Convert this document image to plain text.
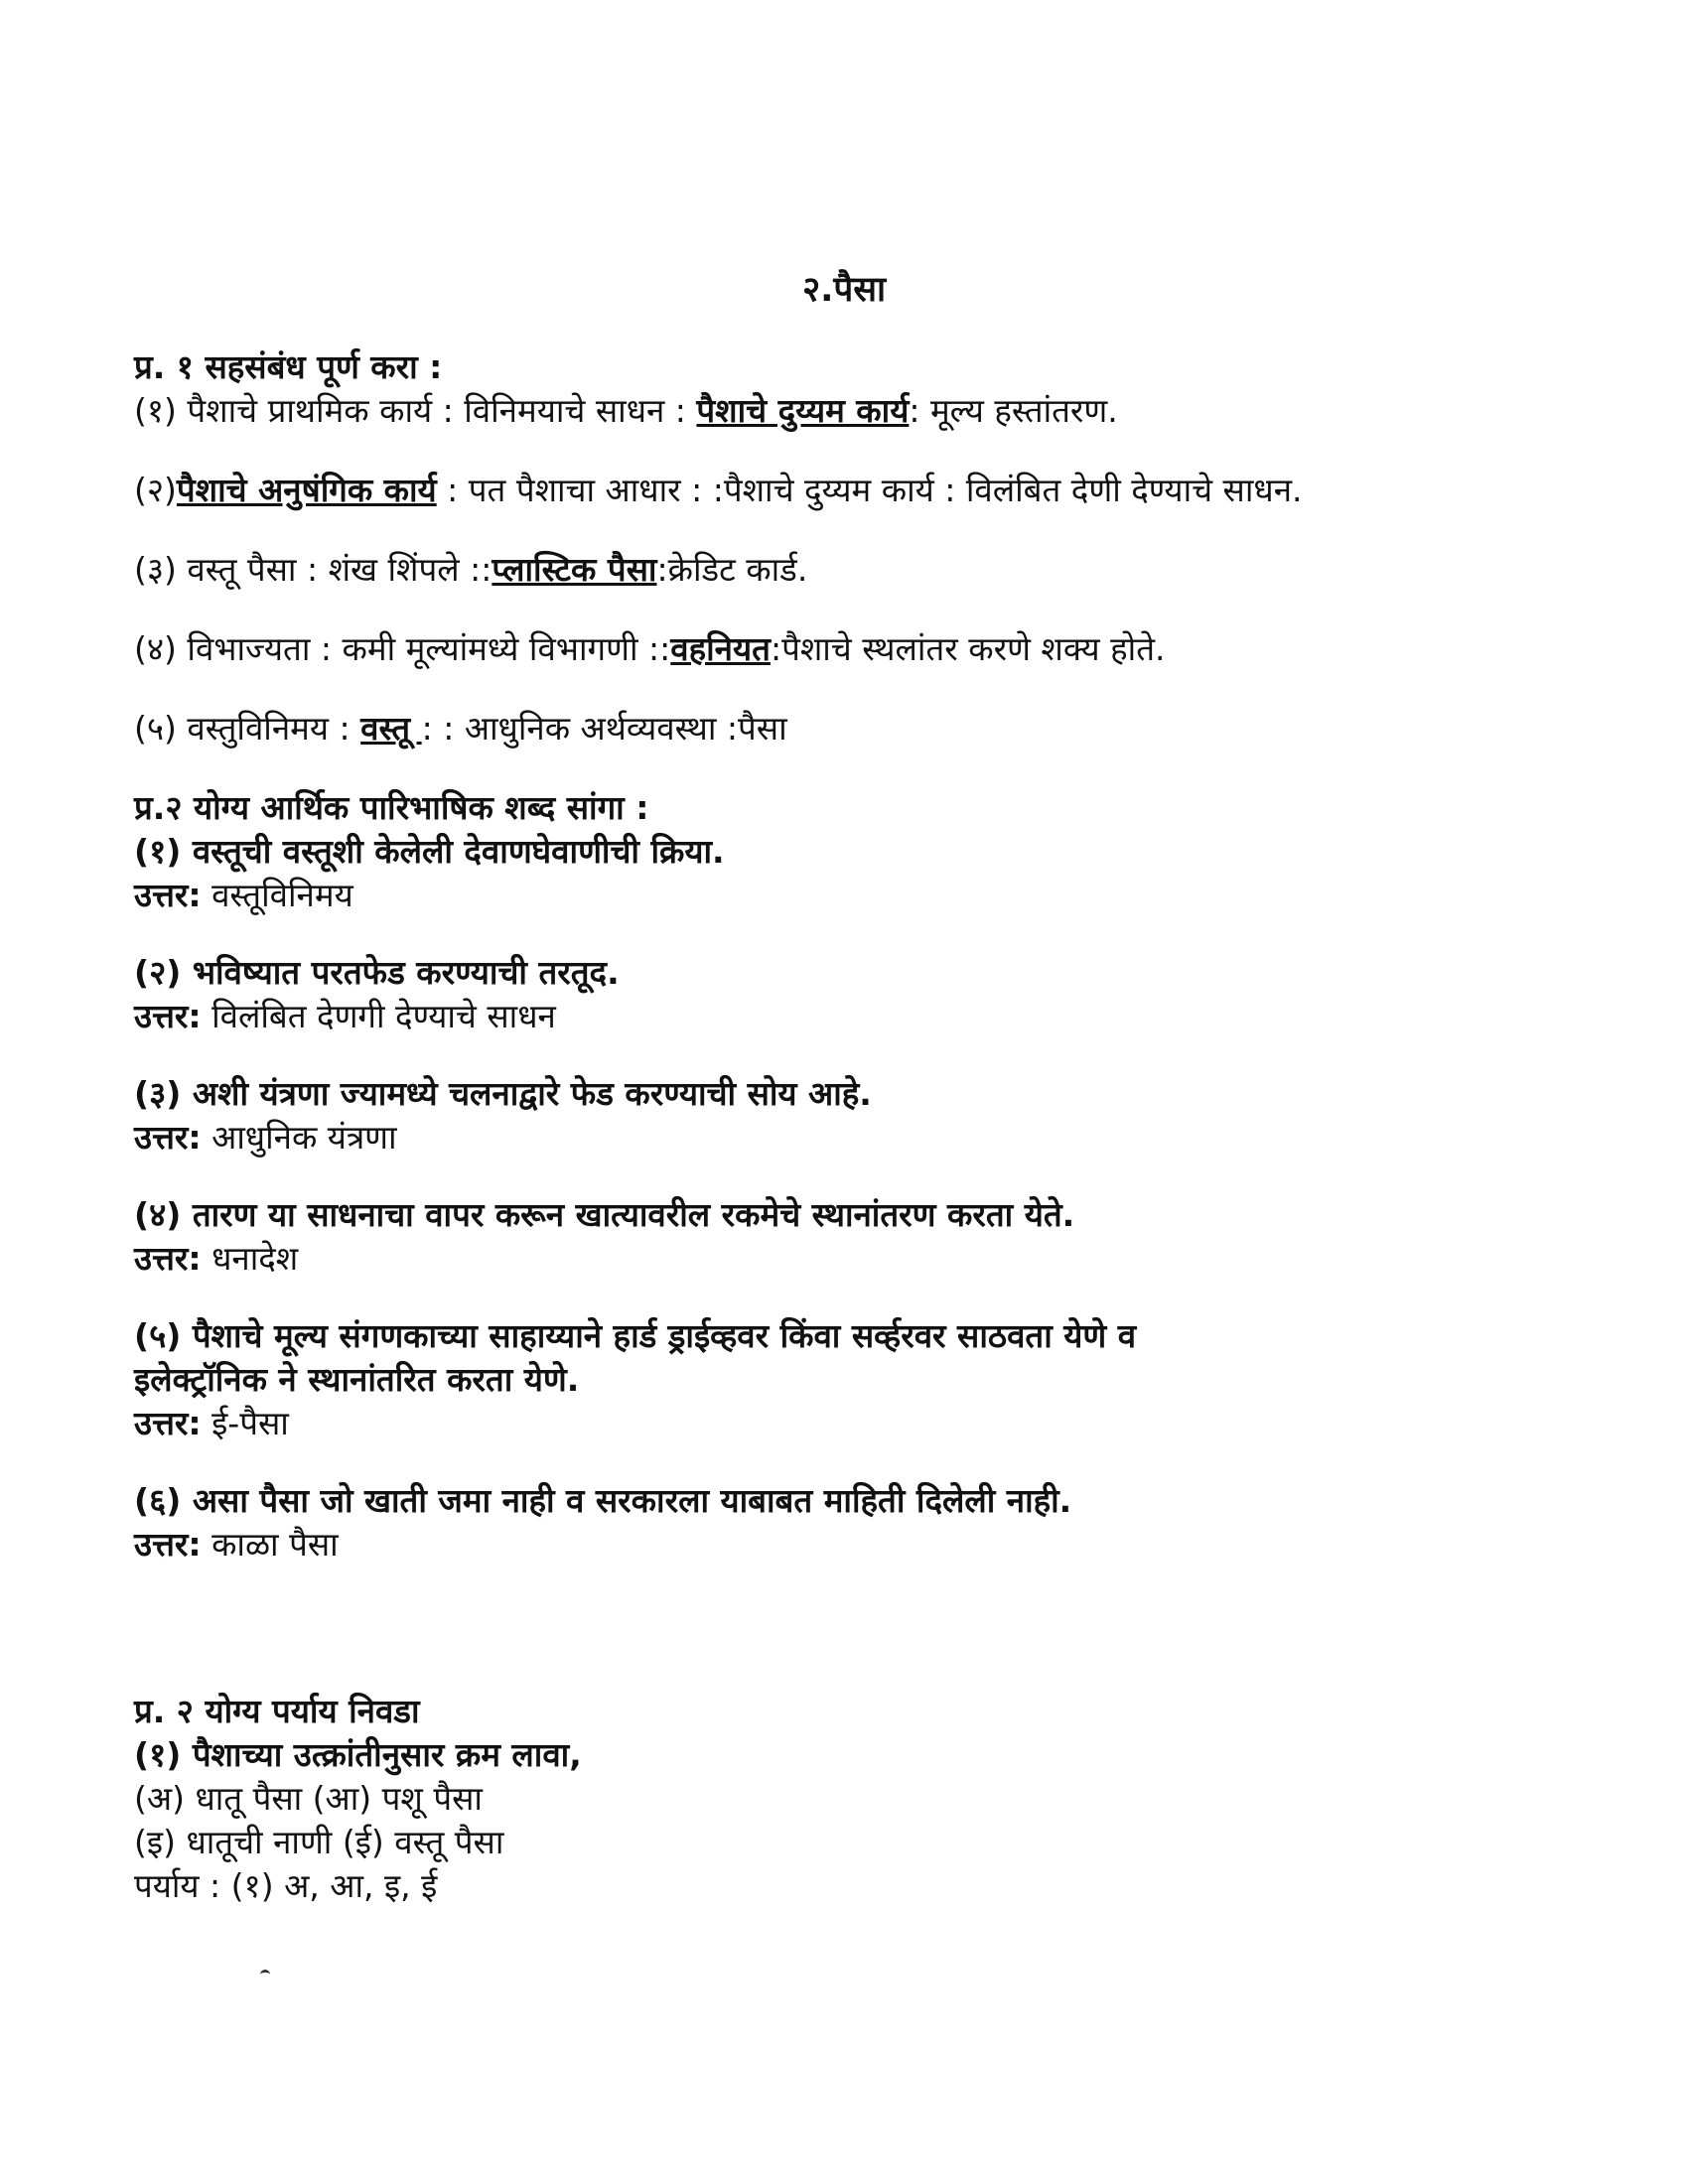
२.पैसा

प्र. १ सहसंबंध पूर्ण करा :

(१) पैशाचे प्राथमिक कार्य : विनिमयाचे साधन : पैशाचे दुय्यम कार्य: मूल्य हस्तांतरण.

(२)पैशाचे अनुषंगिक कार्य : पत पैशाचा आधार : :पैशाचे दुय्यम कार्य : विलंबित देणी देण्याचे साधन.

(३) वस्तू पैसा : शंख शिंपले ::प्लास्टिक पैसा:क्रेडिट कार्ड.

(४) विभाज्यता : कमी मूल्यांमध्ये विभागणी ::वहनियत:पैशाचे स्थलांतर करणे शक्य होते.

(५) वस्तुविनिमय : वस्तू : : आधुनिक अर्थव्यवस्था :पैसा

प्र.२ योग्य आर्थिक पारिभाषिक शब्द सांगा :

(१) वस्तूची वस्तूशी केलेली देवाणघेवाणीची क्रिया.

उत्तर: वस्तूविनिमय

(२) भविष्यात परतफेड करण्याची तरतूद.

उत्तर: विलंबित देणगी देण्याचे साधन

(३) अशी यंत्रणा ज्यामध्ये चलनाद्वारे फेड करण्याची सोय आहे.

उत्तर: आधुनिक यंत्रणा

(४) तारण या साधनाचा वापर करून खात्यावरील रकमेचे स्थानांतरण करता येते.

उत्तर: धनादेश

(५) पैशाचे मूल्य संगणकाच्या साहाय्याने हार्ड ड्राईव्हवर किंवा सर्व्हरवर साठवता येणे व

इलेक्ट्रॉनिक ने स्थानांतरित करता येणे.

उत्तर: ई-पैसा

(६) असा पैसा जो खाती जमा नाही व सरकारला याबाबत माहिती दिलेली नाही.

उत्तर: काळा पैसा

प्र. २ योग्य पर्याय निवडा

(१) पैशाच्या उत्क्रांतीनुसार क्रम लावा,

(अ) धातू पैसा (आ) पशू पैसा

(इ) धातूची नाणी (ई) वस्तू पैसा

पर्याय : (१) अ, आ, इ, ई
